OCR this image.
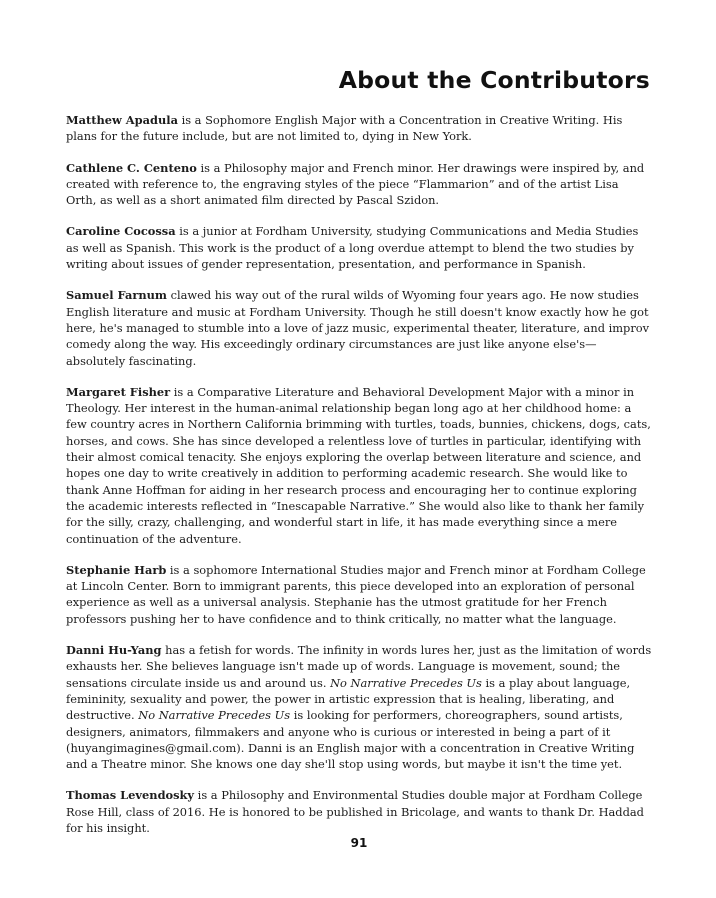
About the Contributors

Matthew Apadula is a Sophomore English Major with a Concentration in Creative Writing. His plans for the future include, but are not limited to, dying in New York.

Cathlene C. Centeno is a Philosophy major and French minor. Her drawings were inspired by, and created with reference to, the engraving styles of the piece “Flammarion” and of the artist Lisa Orth, as well as a short animated film directed by Pascal Szidon.

Caroline Cocossa is a junior at Fordham University, studying Communications and Media Studies as well as Spanish. This work is the product of a long overdue attempt to blend the two studies by writing about issues of gender representation, presentation, and performance in Spanish.

Samuel Farnum clawed his way out of the rural wilds of Wyoming four years ago. He now studies English literature and music at Fordham University. Though he still doesn't know exactly how he got here, he's managed to stumble into a love of jazz music, experimental theater, literature, and improv comedy along the way. His exceedingly ordinary circumstances are just like anyone else's—absolutely fascinating.

Margaret Fisher is a Comparative Literature and Behavioral Development Major with a minor in Theology. Her interest in the human-animal relationship began long ago at her childhood home: a few country acres in Northern California brimming with turtles, toads, bunnies, chickens, dogs, cats, horses, and cows. She has since developed a relentless love of turtles in particular, identifying with their almost comical tenacity. She enjoys exploring the overlap between literature and science, and hopes one day to write creatively in addition to performing academic research. She would like to thank Anne Hoffman for aiding in her research process and encouraging her to continue exploring the academic interests reflected in “Inescapable Narrative.” She would also like to thank her family for the silly, crazy, challenging, and wonderful start in life, it has made everything since a mere continuation of the adventure.

Stephanie Harb is a sophomore International Studies major and French minor at Fordham College at Lincoln Center. Born to immigrant parents, this piece developed into an exploration of personal experience as well as a universal analysis. Stephanie has the utmost gratitude for her French professors pushing her to have confidence and to think critically, no matter what the language.

Danni Hu-Yang has a fetish for words. The infinity in words lures her, just as the limitation of words exhausts her. She believes language isn't made up of words. Language is movement, sound; the sensations circulate inside us and around us. No Narrative Precedes Us is a play about language, femininity, sexuality and power, the power in artistic expression that is healing, liberating, and destructive. No Narrative Precedes Us is looking for performers, choreographers, sound artists, designers, animators, filmmakers and anyone who is curious or interested in being a part of it (huyangimagines@gmail.com). Danni is an English major with a concentration in Creative Writing and a Theatre minor. She knows one day she'll stop using words, but maybe it isn't the time yet.

Thomas Levendosky is a Philosophy and Environmental Studies double major at Fordham College Rose Hill, class of 2016. He is honored to be published in Bricolage, and wants to thank Dr. Haddad for his insight.

91
